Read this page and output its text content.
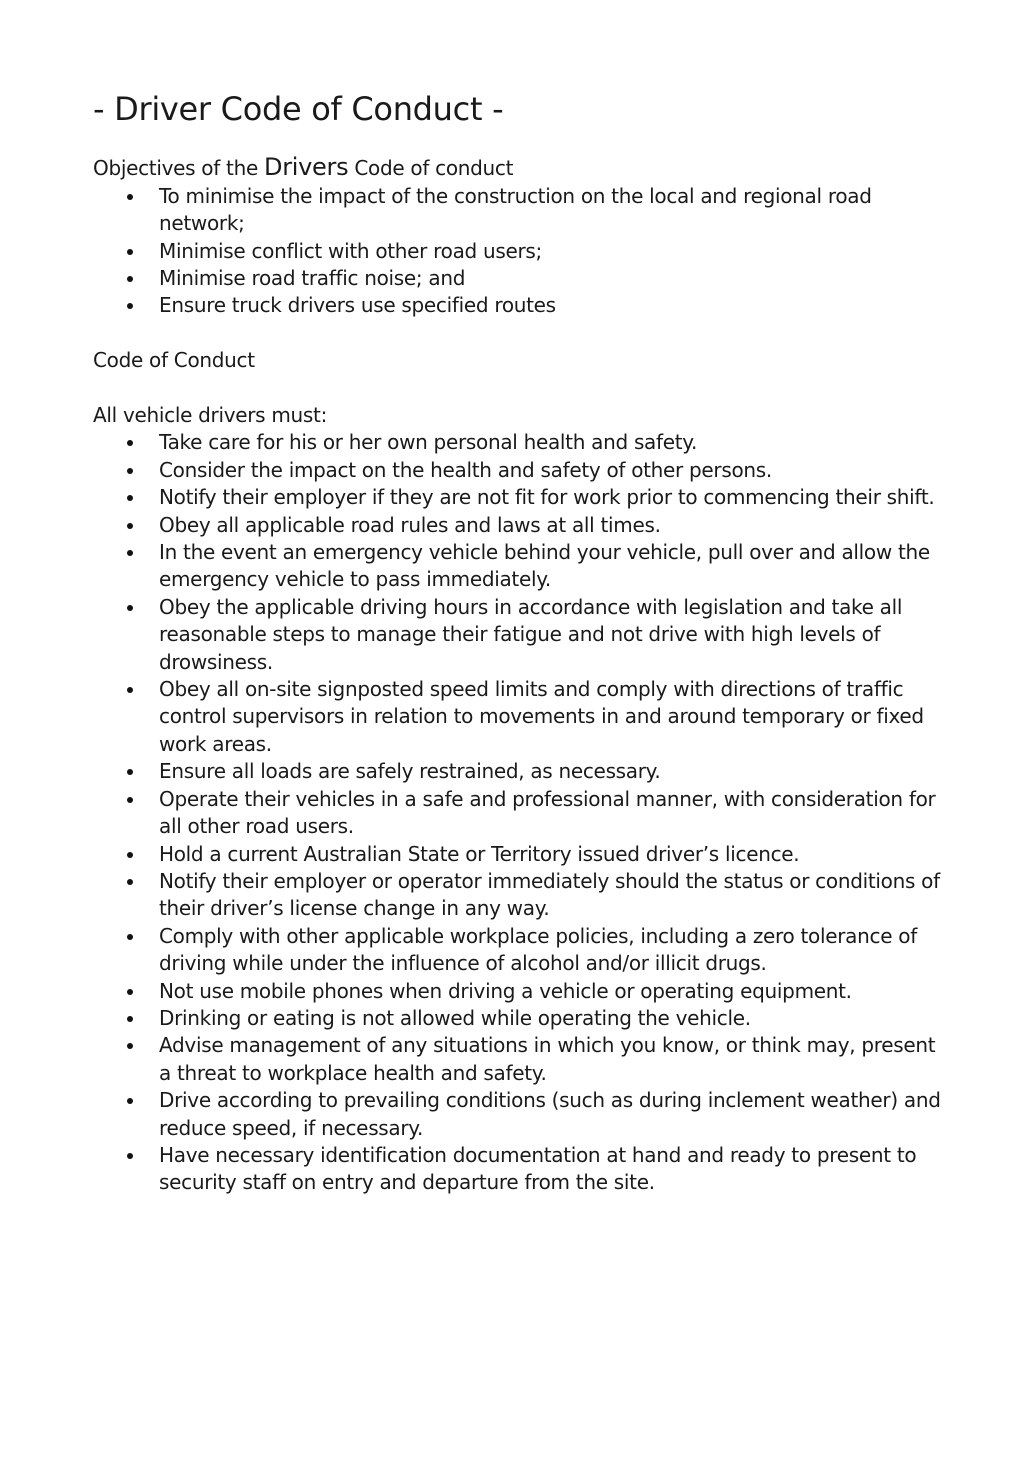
- Driver Code of Conduct -

Objectives of the Drivers Code of conduct

To minimise the impact of the construction on the local and regional road network;
Minimise conflict with other road users;
Minimise road traffic noise; and
Ensure truck drivers use specified routes

Code of Conduct

All vehicle drivers must:

Take care for his or her own personal health and safety.
Consider the impact on the health and safety of other persons.
Notify their employer if they are not fit for work prior to commencing their shift.
Obey all applicable road rules and laws at all times.
In the event an emergency vehicle behind your vehicle, pull over and allow the emergency vehicle to pass immediately.
Obey the applicable driving hours in accordance with legislation and take all reasonable steps to manage their fatigue and not drive with high levels of drowsiness.
Obey all on-site signposted speed limits and comply with directions of traffic control supervisors in relation to movements in and around temporary or fixed work areas.
Ensure all loads are safely restrained, as necessary.
Operate their vehicles in a safe and professional manner, with consideration for all other road users.
Hold a current Australian State or Territory issued driver’s licence.
Notify their employer or operator immediately should the status or conditions of their driver’s license change in any way.
Comply with other applicable workplace policies, including a zero tolerance of driving while under the influence of alcohol and/or illicit drugs.
Not use mobile phones when driving a vehicle or operating equipment.
Drinking or eating is not allowed while operating the vehicle.
Advise management of any situations in which you know, or think may, present a threat to workplace health and safety.
Drive according to prevailing conditions (such as during inclement weather) and reduce speed, if necessary.
Have necessary identification documentation at hand and ready to present to security staff on entry and departure from the site.
